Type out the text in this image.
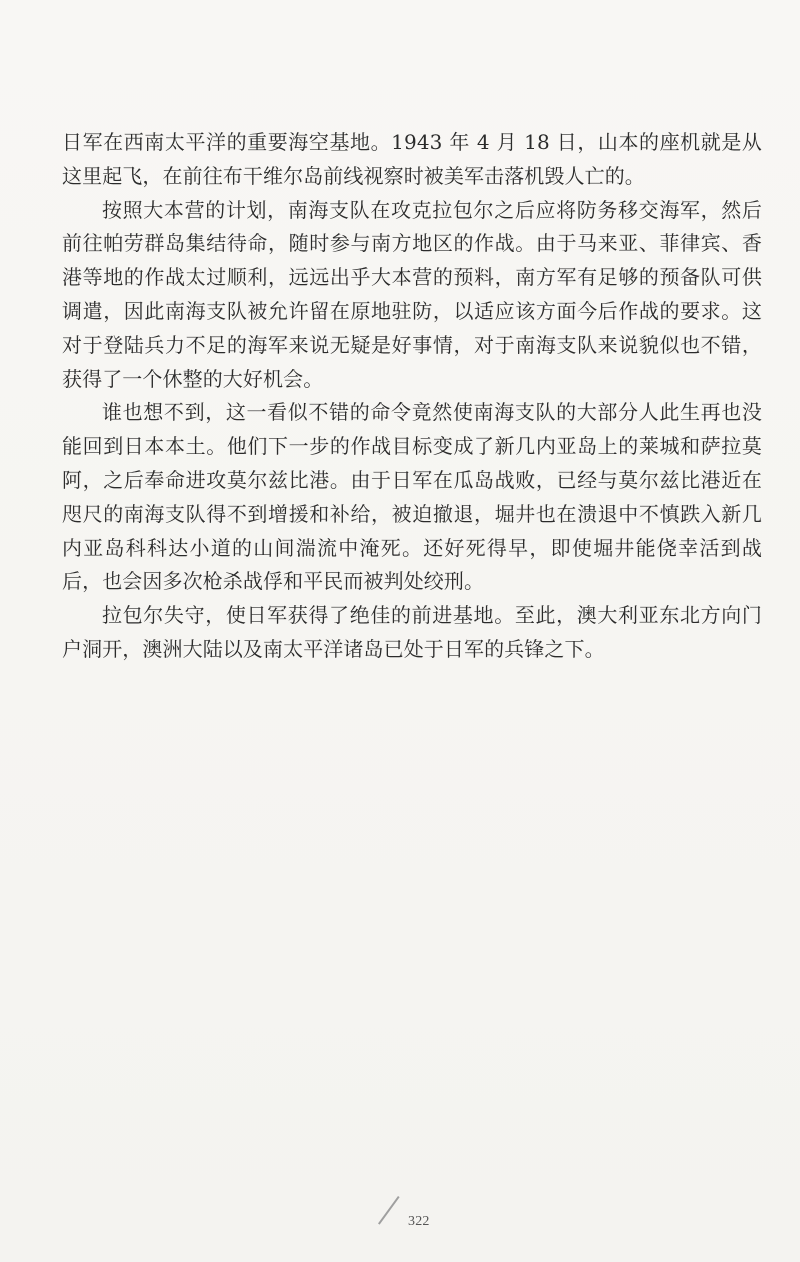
日军在西南太平洋的重要海空基地。1943 年 4 月 18 日，山本的座机就是从这里起飞，在前往布干维尔岛前线视察时被美军击落机毁人亡的。

按照大本营的计划，南海支队在攻克拉包尔之后应将防务移交海军，然后前往帕劳群岛集结待命，随时参与南方地区的作战。由于马来亚、菲律宾、香港等地的作战太过顺利，远远出乎大本营的预料，南方军有足够的预备队可供调遣，因此南海支队被允许留在原地驻防，以适应该方面今后作战的要求。这对于登陆兵力不足的海军来说无疑是好事情，对于南海支队来说貌似也不错，获得了一个休整的大好机会。

谁也想不到，这一看似不错的命令竟然使南海支队的大部分人此生再也没能回到日本本土。他们下一步的作战目标变成了新几内亚岛上的莱城和萨拉莫阿，之后奉命进攻莫尔兹比港。由于日军在瓜岛战败，已经与莫尔兹比港近在咫尺的南海支队得不到增援和补给，被迫撤退，堀井也在溃退中不慎跌入新几内亚岛科科达小道的山间湍流中淹死。还好死得早，即使堀井能侥幸活到战后，也会因多次枪杀战俘和平民而被判处绞刑。

拉包尔失守，使日军获得了绝佳的前进基地。至此，澳大利亚东北方向门户洞开，澳洲大陆以及南太平洋诸岛已处于日军的兵锋之下。

322
